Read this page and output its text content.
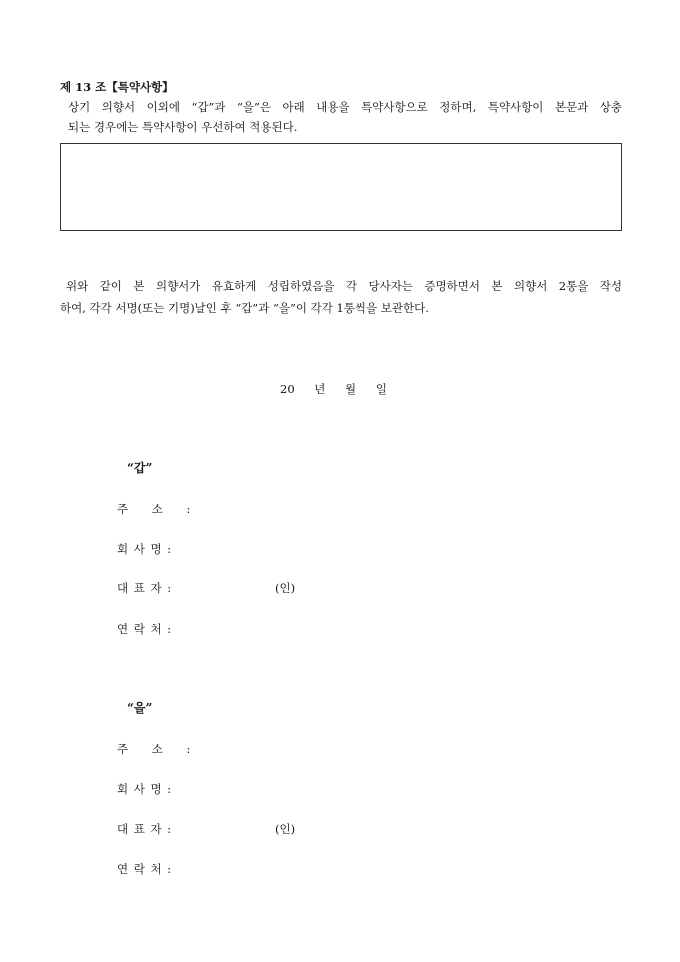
제 13 조【특약사항】
상기 의향서 이외에 “갑”과 “을”은 아래 내용을 특약사항으로 정하며, 특약사항이 본문과 상충
되는 경우에는 특약사항이 우선하여 적용된다.
위와 같이 본 의향서가 유효하게 성립하였음을 각 당사자는 증명하면서 본 의향서 2통을 작성
하여, 각각 서명(또는 기명)날인 후 “갑”과 “을”이 각각 1통씩을 보관한다.
20 년 월 일
“갑”
주 소 :
회 사 명 :
대 표 자 :	(인)
연 락 처 :
“을”
주 소 :
회 사 명 :
대 표 자 :	(인)
연 락 처 :
